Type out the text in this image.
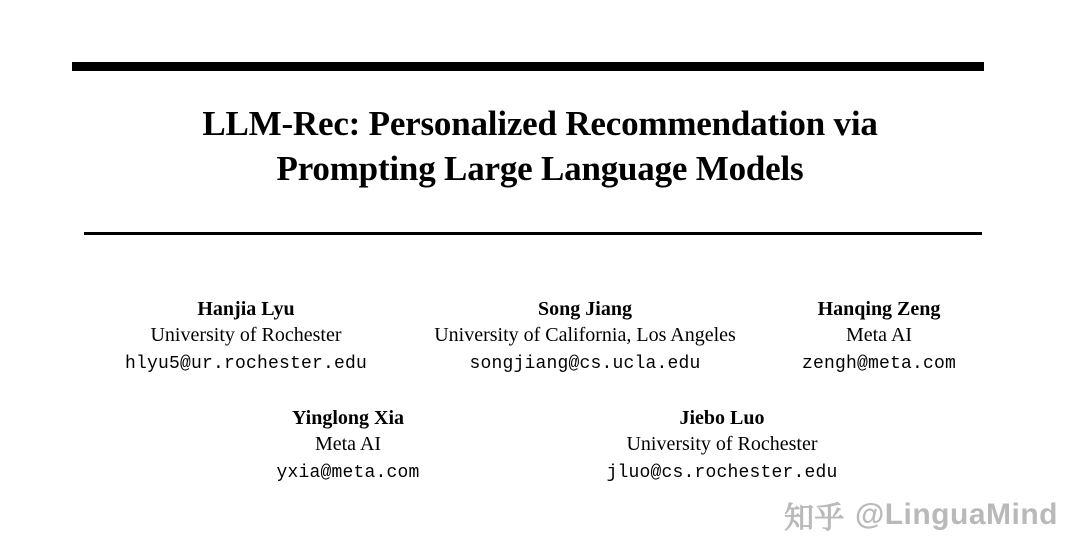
LLM-Rec: Personalized Recommendation via
Prompting Large Language Models
Hanjia Lyu
University of Rochester
hlyu5@ur.rochester.edu
Song Jiang
University of California, Los Angeles
songjiang@cs.ucla.edu
Hanqing Zeng
Meta AI
zengh@meta.com
Yinglong Xia
Meta AI
yxia@meta.com
Jiebo Luo
University of Rochester
jluo@cs.rochester.edu
知乎 @LinguaMind
